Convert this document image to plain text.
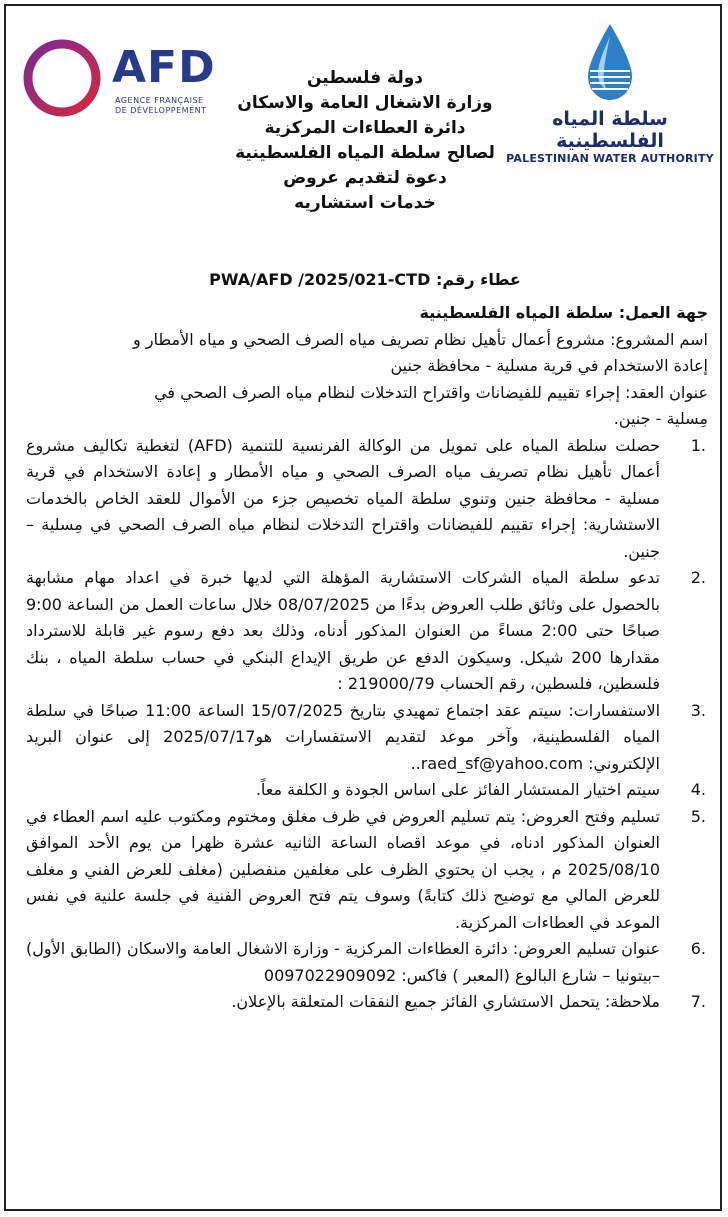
سلطة المياه الفلسطينية
PALESTINIAN WATER AUTHORITY
AFD
AGENCE FRANÇAISE
DE DÉVELOPPEMENT
دولة فلسطين
وزارة الاشغال العامة والاسكان
دائرة العطاءات المركزية
لصالح سلطة المياه الفلسطينية
دعوة لتقديم عروض
خدمات استشاريه
عطاء رقم: PWA/AFD /2025/021-CTD

جهة العمل: سلطة المياه الفلسطينية

اسم المشروع: مشروع أعمال تأهيل نظام تصريف مياه الصرف الصحي و مياه الأمطار و

إعادة الاستخدام في قرية مسلية - محافظة جنين

عنوان العقد: إجراء تقييم للفيضانات واقتراح التدخلات لنظام مياه الصرف الصحي في

مِسلية - جنين.

.1
حصلت سلطة المياه على تمويل من الوكالة الفرنسية للتنمية (AFD) لتغطية تكاليف مشروع أعمال تأهيل نظام تصريف مياه الصرف الصحي و مياه الأمطار و إعادة الاستخدام في قرية مسلية - محافظة جنين وتنوي سلطة المياه تخصيص جزء من الأموال للعقد الخاص بالخدمات الاستشارية: إجراء تقييم للفيضانات واقتراح التدخلات لنظام مياه الصرف الصحي في مِسلية – جنين.
.2
تدعو سلطة المياه الشركات الاستشارية المؤهلة التي لديها خبرة في اعداد مهام مشابهة بالحصول على وثائق طلب العروض بدءًا من 08/07/2025 خلال ساعات العمل من الساعة 9:00 صباحًا حتى 2:00 مساءً من العنوان المذكور أدناه، وذلك بعد دفع رسوم غير قابلة للاسترداد مقدارها 200 شيكل. وسيكون الدفع عن طريق الإيداع البنكي في حساب سلطة المياه ، بنك فلسطين، فلسطين، رقم الحساب 219000/79 :
.3
الاستفسارات: سيتم عقد اجتماع تمهيدي بتاريخ 15/07/2025 الساعة 11:00 صباحًا في سلطة المياه الفلسطينية، وآخر موعد لتقديم الاستفسارات هو2025/07/17 إلى عنوان البريد الإلكتروني: raed_sf@yahoo.com..
.4
سيتم اختيار المستشار الفائز على اساس الجودة و الكلفة معاً.
.5
تسليم وفتح العروض: يتم تسليم العروض في ظرف مغلق ومختوم ومكتوب عليه اسم العطاء في العنوان المذكور ادناه، في موعد اقصاه الساعة الثانيه عشرة ظهرا من يوم الأحد الموافق 2025/08/10 م ، يجب ان يحتوي الظرف على مغلفين منفصلين (مغلف للعرض الفني و مغلف للعرض المالي مع توضيح ذلك كتابةً) وسوف يتم فتح العروض الفنية في جلسة علنية في نفس الموعد في العطاءات المركزية.
.6
عنوان تسليم العروض: دائرة العطاءات المركزية - وزارة الاشغال العامة والاسكان (الطابق الأول) –بيتونيا – شارع البالوع (المعبر ) فاكس: 0097022909092
.7
ملاحظة: يتحمل الاستشاري الفائز جميع النفقات المتعلقة بالإعلان.
